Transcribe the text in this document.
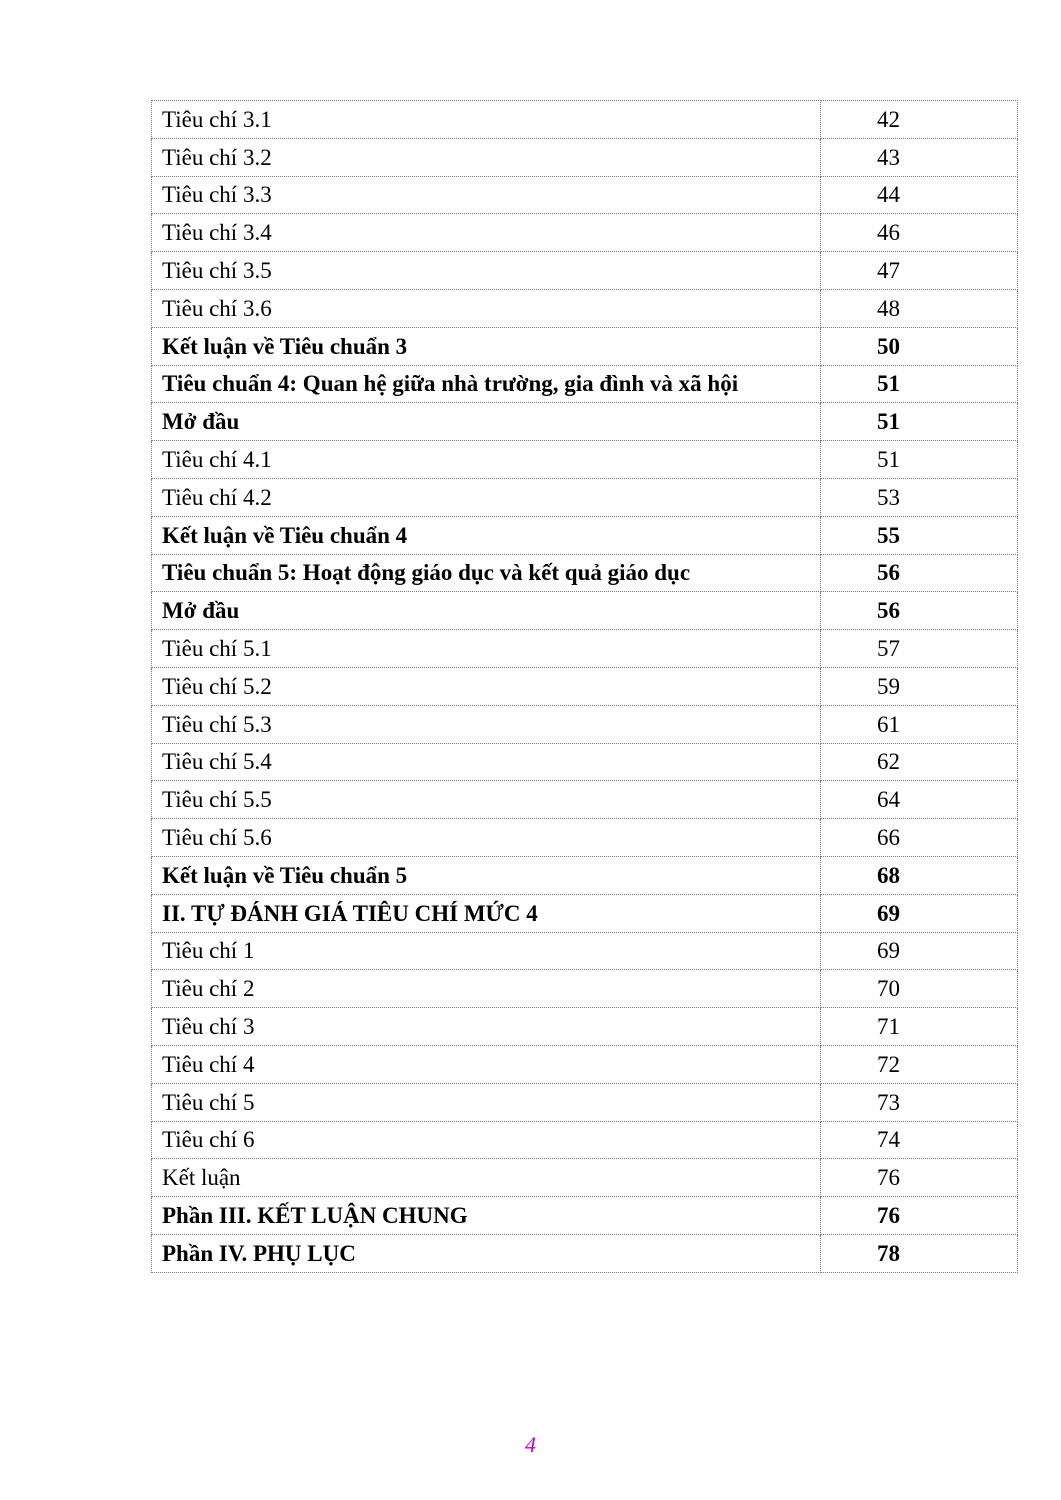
Tiêu chí 3.1	42
Tiêu chí 3.2	43
Tiêu chí 3.3	44
Tiêu chí 3.4	46
Tiêu chí 3.5	47
Tiêu chí 3.6	48
Kết luận về Tiêu chuẩn 3	50
Tiêu chuẩn 4: Quan hệ giữa nhà trường, gia đình và xã hội	51
Mở đầu	51
Tiêu chí 4.1	51
Tiêu chí 4.2	53
Kết luận về Tiêu chuẩn 4	55
Tiêu chuẩn 5: Hoạt động giáo dục và kết quả giáo dục	56
Mở đầu	56
Tiêu chí 5.1	57
Tiêu chí 5.2	59
Tiêu chí 5.3	61
Tiêu chí 5.4	62
Tiêu chí 5.5	64
Tiêu chí 5.6	66
Kết luận về Tiêu chuẩn 5	68
II. TỰ ĐÁNH GIÁ TIÊU CHÍ MỨC 4	69
Tiêu chí 1	69
Tiêu chí 2	70
Tiêu chí 3	71
Tiêu chí 4	72
Tiêu chí 5	73
Tiêu chí 6	74
Kết luận	76
Phần III. KẾT LUẬN CHUNG	76
Phần IV. PHỤ LỤC	78
4
